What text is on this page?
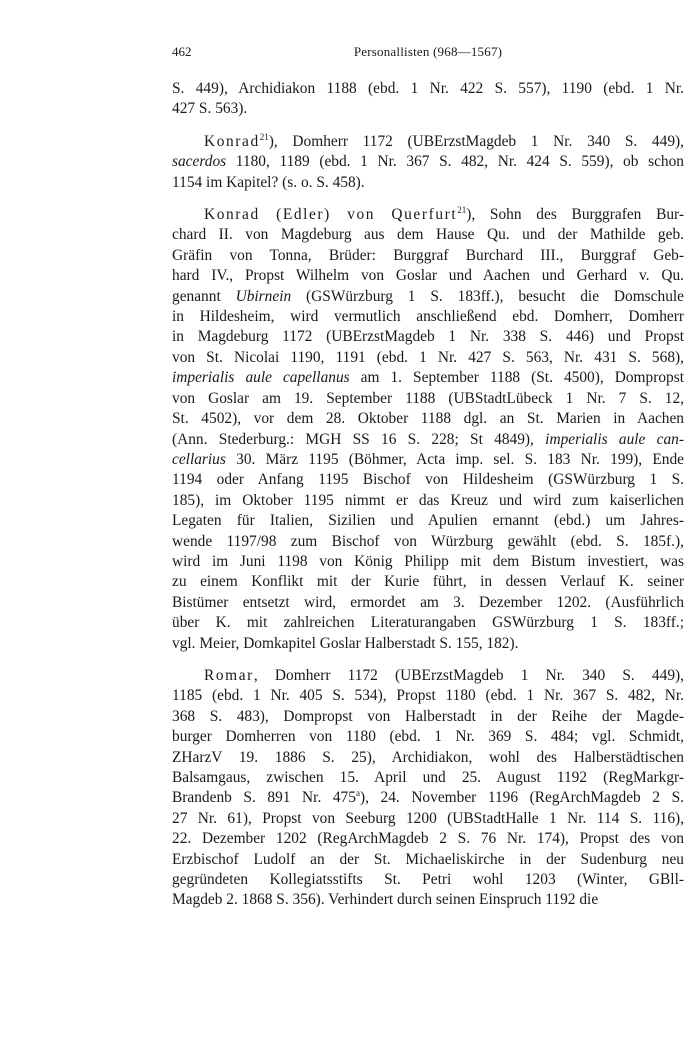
462	Personallisten (968—1567)
S. 449), Archidiakon 1188 (ebd. 1 Nr. 422 S. 557), 1190 (ebd. 1 Nr.
427 S. 563).
Konrad$^{21}$), Domherr 1172 (UBErzstMagdeb 1 Nr. 340 S. 449),
sacerdos 1180, 1189 (ebd. 1 Nr. 367 S. 482, Nr. 424 S. 559), ob schon
1154 im Kapitel? (s. o. S. 458).
Konrad (Edler) von Querfurt$^{21}$), Sohn des Burggrafen Bur-
chard II. von Magdeburg aus dem Hause Qu. und der Mathilde geb.
Gräfin von Tonna, Brüder: Burggraf Burchard III., Burggraf Geb-
hard IV., Propst Wilhelm von Goslar und Aachen und Gerhard v. Qu.
genannt Ubirnein (GSWürzburg 1 S. 183ff.), besucht die Domschule
in Hildesheim, wird vermutlich anschließend ebd. Domherr, Domherr
in Magdeburg 1172 (UBErzstMagdeb 1 Nr. 338 S. 446) und Propst
von St. Nicolai 1190, 1191 (ebd. 1 Nr. 427 S. 563, Nr. 431 S. 568),
imperialis aule capellanus am 1. September 1188 (St. 4500), Dompropst
von Goslar am 19. September 1188 (UBStadtLübeck 1 Nr. 7 S. 12,
St. 4502), vor dem 28. Oktober 1188 dgl. an St. Marien in Aachen
(Ann. Stederburg.: MGH SS 16 S. 228; St 4849), imperialis aule can-
cellarius 30. März 1195 (Böhmer, Acta imp. sel. S. 183 Nr. 199), Ende
1194 oder Anfang 1195 Bischof von Hildesheim (GSWürzburg 1 S.
185), im Oktober 1195 nimmt er das Kreuz und wird zum kaiserlichen
Legaten für Italien, Sizilien und Apulien ernannt (ebd.) um Jahres-
wende 1197/98 zum Bischof von Würzburg gewählt (ebd. S. 185f.),
wird im Juni 1198 von König Philipp mit dem Bistum investiert, was
zu einem Konflikt mit der Kurie führt, in dessen Verlauf K. seiner
Bistümer entsetzt wird, ermordet am 3. Dezember 1202. (Ausführlich
über K. mit zahlreichen Literaturangaben GSWürzburg 1 S. 183ff.;
vgl. Meier, Domkapitel Goslar Halberstadt S. 155, 182).
Romar, Domherr 1172 (UBErzstMagdeb 1 Nr. 340 S. 449),
1185 (ebd. 1 Nr. 405 S. 534), Propst 1180 (ebd. 1 Nr. 367 S. 482, Nr.
368 S. 483), Dompropst von Halberstadt in der Reihe der Magde-
burger Domherren von 1180 (ebd. 1 Nr. 369 S. 484; vgl. Schmidt,
ZHarzV 19. 1886 S. 25), Archidiakon, wohl des Halberstädtischen
Balsamgaus, zwischen 15. April und 25. August 1192 (RegMarkgr-
Brandenb S. 891 Nr. 475$^a$), 24. November 1196 (RegArchMagdeb 2 S.
27 Nr. 61), Propst von Seeburg 1200 (UBStadtHalle 1 Nr. 114 S. 116),
22. Dezember 1202 (RegArchMagdeb 2 S. 76 Nr. 174), Propst des von
Erzbischof Ludolf an der St. Michaeliskirche in der Sudenburg neu
gegründeten Kollegiatsstifts St. Petri wohl 1203 (Winter, GBll-
Magdeb 2. 1868 S. 356). Verhindert durch seinen Einspruch 1192 die
